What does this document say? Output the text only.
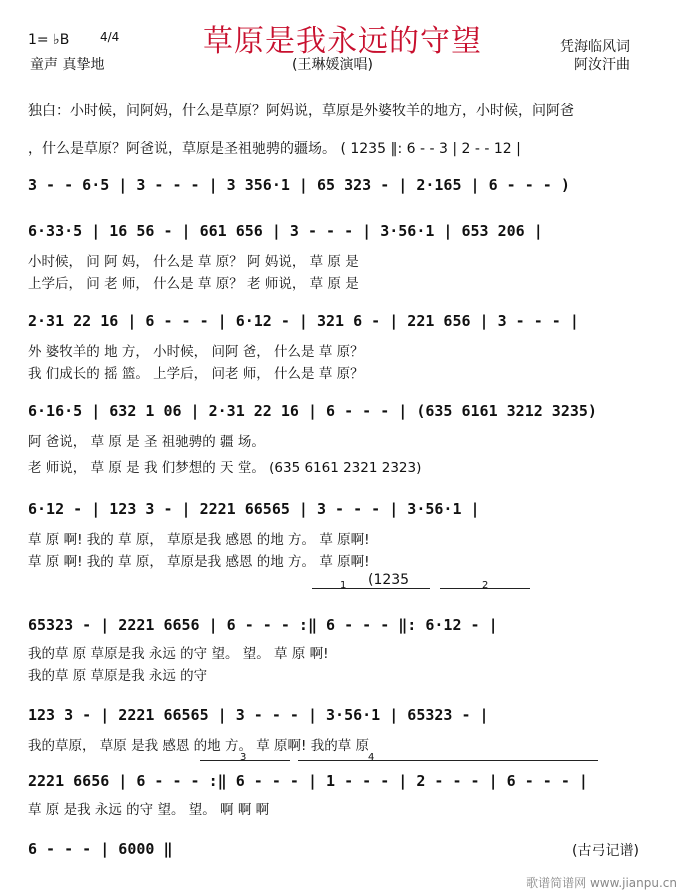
1= ♭B	4/4	草原是我永远的守望	凭海临风词
童声 真挚地	(王琳媛演唱)	阿汝汗曲
独白：小时候，问阿妈，什么是草原？阿妈说，草原是外婆牧羊的地方，小时候，问阿爸
，什么是草原？阿爸说，草原是圣祖驰骋的疆场。 ( 1235 ‖: 6 - - 3 | 2 - - 12 |
3 - - 6·5 | 3 - - - | 3 356·1 | 65 323 - | 2·165 | 6 - - - )
6·33·5 | 16 56 - | 661 656 | 3 - - - | 3·56·1 | 653 206 |
小时候， 问 阿 妈， 什么是 草 原？ 阿 妈说， 草 原 是
上学后， 问 老 师， 什么是 草 原？ 老 师说， 草 原 是
2·31 22 16 | 6 - - - | 6·12 - | 321 6 - | 221 656 | 3 - - - |
外 婆牧羊的 地 方， 小时候， 问阿 爸， 什么是 草 原？
我 们成长的 摇 篮。 上学后， 问老 师， 什么是 草 原？
6·16·5 | 632 1 06 | 2·31 22 16 | 6 - - - | (635 6161 3212 3235)
阿 爸说， 草 原 是 圣 祖驰骋的 疆 场。
老 师说， 草 原 是 我 们梦想的 天 堂。 (635 6161 2321 2323)
6·12 - | 123 3 - | 2221 66565 | 3 - - - | 3·56·1 |
草 原 啊! 我的 草 原， 草原是我 感恩 的地 方。 草 原啊!
草 原 啊! 我的 草 原， 草原是我 感恩 的地 方。 草 原啊!
1 (1235	2
65323 - | 2221 6656 | 6 - - - :‖ 6 - - - ‖: 6·12 - |
我的草 原 草原是我 永远 的守 望。 望。 草 原 啊!
我的草 原 草原是我 永远 的守
123 3 - | 2221 66565 | 3 - - - | 3·56·1 | 65323 - |
我的草原， 草原 是我 感恩 的地 方。 草 原啊! 我的草 原
3	4
2221 6656 | 6 - - - :‖ 6 - - - | 1 - - - | 2 - - - | 6 - - - |
草 原 是我 永远 的守 望。 望。 啊 啊 啊
6 - - - | 6000 ‖	(古弓记谱)
歌谱简谱网 www.jianpu.cn
